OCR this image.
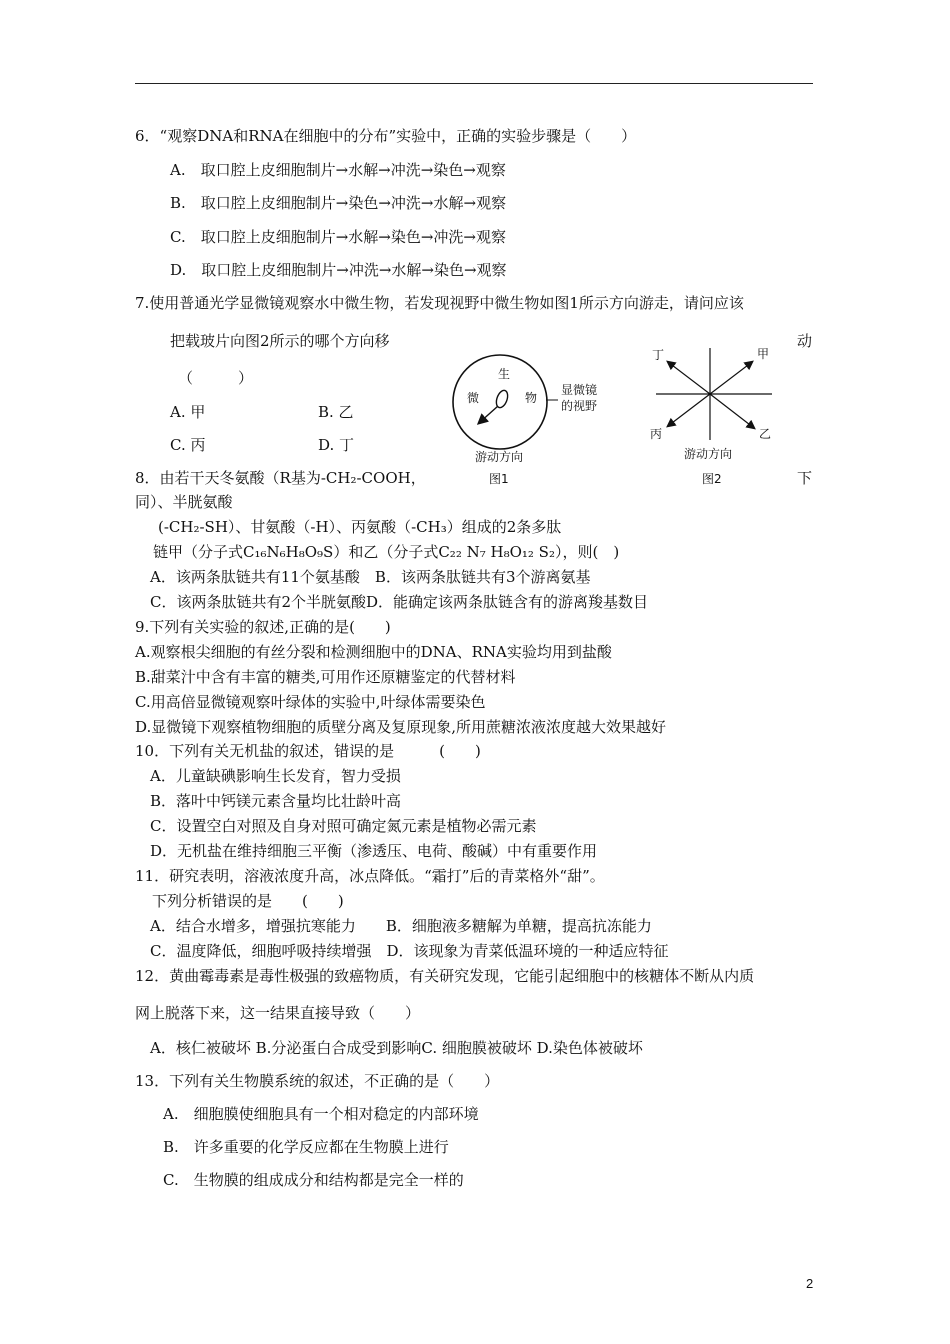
6．“观察DNA和RNA在细胞中的分布”实验中，正确的实验步骤是（　　）
A.　取口腔上皮细胞制片→水解→冲洗→染色→观察
B.　取口腔上皮细胞制片→染色→冲洗→水解→观察
C.　取口腔上皮细胞制片→水解→染色→冲洗→观察
D.　取口腔上皮细胞制片→冲洗→水解→染色→观察
7.使用普通光学显微镜观察水中微生物，若发现视野中微生物如图1所示方向游走，请问应该
把载玻片向图2所示的哪个方向移	动
（　　　）
A. 甲	B. 乙
C. 丙	D. 丁
生
微	物
显微镜
的视野
游动方向
图1
丁	甲
丙	乙
游动方向
图2
8．由若干天冬氨酸（R基为-CH₂-COOH，	下
同）、半胱氨酸
(-CH₂-SH）、甘氨酸（-H）、丙氨酸（-CH₃）组成的2条多肽
链甲（分子式C₁₆N₆H₈O₉S）和乙（分子式C₂₂ N₇ H₈O₁₂ S₂），则(　)
A．该两条肽链共有11个氨基酸　B．该两条肽链共有3个游离氨基
C．该两条肽链共有2个半胱氨酸D．能确定该两条肽链含有的游离羧基数目
9.下列有关实验的叙述,正确的是(　　)
A.观察根尖细胞的有丝分裂和检测细胞中的DNA、RNA实验均用到盐酸
B.甜菜汁中含有丰富的糖类,可用作还原糖鉴定的代替材料
C.用高倍显微镜观察叶绿体的实验中,叶绿体需要染色
D.显微镜下观察植物细胞的质壁分离及复原现象,所用蔗糖浓液浓度越大效果越好
10．下列有关无机盐的叙述，错误的是　　　(　　)
A．儿童缺碘影响生长发育，智力受损
B．落叶中钙镁元素含量均比壮龄叶高
C．设置空白对照及自身对照可确定氮元素是植物必需元素
D．无机盐在维持细胞三平衡（渗透压、电荷、酸碱）中有重要作用
11．研究表明，溶液浓度升高，冰点降低。“霜打”后的青菜格外“甜”。
下列分析错误的是　　(　　)
A．结合水增多，增强抗寒能力　　B．细胞液多糖解为单糖，提高抗冻能力
C．温度降低，细胞呼吸持续增强　D．该现象为青菜低温环境的一种适应特征
12．黄曲霉毒素是毒性极强的致癌物质，有关研究发现，它能引起细胞中的核糖体不断从内质
网上脱落下来，这一结果直接导致（　　）
A．核仁被破坏 B.分泌蛋白合成受到影响C. 细胞膜被破坏 D.染色体被破坏
13．下列有关生物膜系统的叙述，不正确的是（　　）
A.　细胞膜使细胞具有一个相对稳定的内部环境
B.　许多重要的化学反应都在生物膜上进行
C.　生物膜的组成成分和结构都是完全一样的
2
